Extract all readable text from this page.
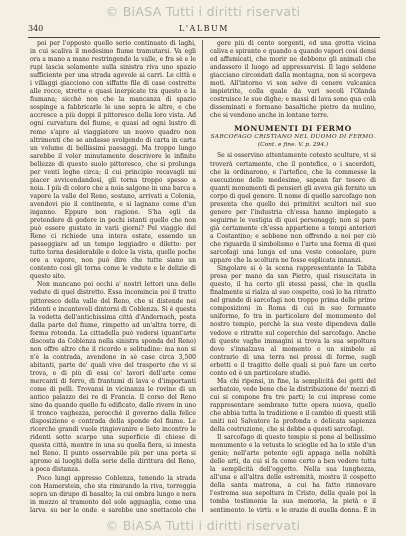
© BiASA Tutti i diritti riservati
340	L'ALBUM

poi per l'opposto quello serio continuato di laghi, in cui scaliva il medesimo fiume tramutarsi. Va egli ora a mano a mano restringendo la valle, e fra sè e le rupi lascia solamente sulla sinistra riva uno spazio sufficiente per una strada agevole ai carri. Le città e i villaggi giacciono con siffatte file di case costrette alle rocce, strette e quasi inerpicate tra questo e la fiumana; sicchè non che la mancanza di spazio sospinge a fabbricarle le une sopra le altre, e che accresce a più doppi il pittoresco della loro vista. Ad ogni curvatura del fiume, e quasi ad ogni lustro di remo s'apre al viaggiatore un nuovo quadro non altrimenti che se andasse svolgendo di carta in carta un volume di bellissimi paesaggi. Ma troppo lungo sarebbe il voler minutamente descrivere le infinite bellezze di questo suolo pittoresco, che si prolunga per venti leghe circa; il cui principio recavagli mi piacer avvicendandosi, gli torna troppo spesso a noia. I più di coloro che a noia salgono in una barca a vapore la valle del Reno, sostano, arrivati a Colonia, avendovi pio il continente, e si lagnano come d'un inganno. Eppure non ragione. S'ha egli da pretendere di godere in pochi istanti quello che non può essere gustato in varii giorni? Pel viaggio del Reno ci richiede una intera estate, essendo un passeggiare ad un tempo leggiadro e diletto: per tutto torna desiderabile e dolce la vista, quelle poche ore a vapore, non può dire che tutte siano un contento così gli torna come le vedute e le delizie di questo sito.

Non mancano poi occhi a' nostri lettori una delle vedute di quel distretto. Essa incomincia poi il tratto pittoresco della valle del Reno, che si distende nei ridenti e incantevoli dintorni di Coblenza. Si è questa la vedetta dell'antichissima città d'Andernach, posta dalla parte del fiume, rimpetto ad un'altra torre, di forma rotonda. La cittadella può vedersi (quant'arte discosta da Coblenza nella sinistra sponda del Reno) non offre altro che il ricordo e solitudine: ma non si n'è la contrada, avendone in sè case circa 3,500 abitanti, parte de' quali vive del trasporto che vi si trova, e di più di essi co' lavori dell'arte come mercanti di ferro, di frantumi di lava e d'importanti come di pelli. Trovansi in vicinanza le rovine di un antico palazzo dei re di Francia. Il corso del Reno sino da quando quello fu edificato, dalle rivere in uno il tronco vaghezza, perocchè il governo dalla felice disposizione e contrada della sponde del fiume. Le ricerche grandi vuole ringiovanire e lieto incontro le ridenti sotto scarpe una superficie di chiese di questa città, mentre in una su quella fiera, si innesta nel Reno. Il punto osservabile più per una porta si aprono ai luoghi della serie della dirittura del Reno, a poca distanza.

Poco lungi appresso Coblenza, tenendo la strada con Hamerstein, che sta rimirando la riva, torreggia sopra un dirupo di basalto; la cui ombra lungo e nera in mezzo al tramonto del sole agguaglia, come una larva, su per le onde, e sarebbe uno spettacolo che

gere più di cento sorgenti, ed una grotta vicina caliva e spirante e quando a quando vapori così densi ed affumicati, che morir ne debbono gli animali che andassero il luogo ad appressarvisi. Il lago seldene giacciano circondati dalla montagna, non si scorgeva moti. All'intorno vi son selve di cenere vulcanica impietrite, colla quale da vari secoli l'Olanda costruisce le sue dighe; e massi di lava sono qua colà disseminati e formano basaltiche pietre da mulino, che si vendono anche in lontane terre.

MONUMENTI DI FERMO
SARCOFAGO CRISTIANO NEL DUOMO DI FERMO.
(Cont. e fine. V. p. 294.)

Se si osservino attentamente cotesto sculture, vi si troverà certamente, che il pontefice, o i sacerdoti, che la ordinarono, e l'artefice, che la commesse la esecuzione delle medesime, sapean far tesoro di quanti monumenti di pensieri gli aveva già fornito un corpo di quel genere. Il nome di quello sarcofago non presenta che quello dei primitivi scultori nel suo genere per l'industria ch'essa hanno impiegato a seguirne le vestigia di quei personaggi; non si pare già certamente ch'essa appartiene a tempi anteriori a Costantino; e sebbene non offrendo a noi per ciò che riguarda il simbolismo e l'arte una forma di quei sarcofagi una lunga ed una veste consolare, pure appare che la scoltura ne fosse esplicata innanzi.

Singolare si è la scena rappresentante la Tabita presa per mano da san Pietro, qual risuscitata in questo, il ha certo gli stessi passi, che in quella finalmente si rialza al suo cospetto, così lo ha ritratto nel grande di sarcofagi non troppo prima delle prime composizioni in Roma di cui in suo formante uniforme, fo tra in particolare del monumento del nostro tempio, perchè la sua veste dipendeva dalle vedove e ritratte sul coperchio del sarcofago. Anche di queste vaghe immagini si trova la sua sepoltura dove s'innalzava al momento e un simbolo al contrario di una terra nei pressi di forme, sugli erbetti e il tragitto delle quali si può fare un certo conto ed è un particolare studio.

Ma chi ripensi, in fine, la semplicità dei getti del serbatoio, vede bene che la distribuzione de' mezzi di cui si compone fra tre parti; le cui imprese come rappresentare sembrano tutte opera nuova, quello che abbia tutta la tradizione e il cambio di questi stili uniti nel Salvatore la profonda e delicata sapienza della costruzione, che si debbe a questi sarcofagi.

Il sarcofago di questo tempio si pone al bellissimo monumento e la vetusta lo scioglie ed ha lo stile d'un genio; nell'arte potente egli appaga nella nobiltà delle arti, da cui si fa come certo a ben vedere tutta la semplicità dell'oggetto. Nella sua lunghezza, all'una e all'altra delle estremità, mostra il cospetto della santa matrona, a cui ha fatto rinnovare l'estrema sua sepoltura in Cristo, della quale poi la tomba testimonia la sua memoria, la pietà e il sentimento, le virtù, e le grazie di quella donna. È in

© BiASA Tutti i diritti riservati
